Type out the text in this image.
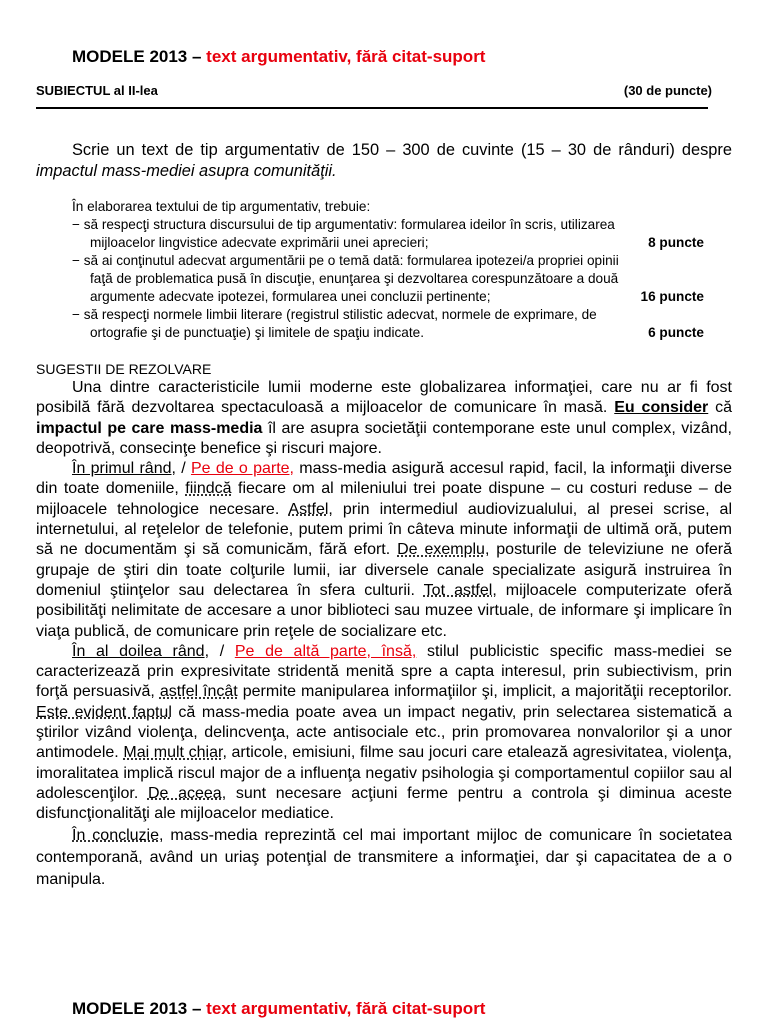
MODELE 2013 – text argumentativ, fără citat-suport
SUBIECTUL al II-lea	(30 de puncte)
Scrie un text de tip argumentativ de 150 – 300 de cuvinte (15 – 30 de rânduri) despre impactul mass-mediei asupra comunităţii.
În elaborarea textului de tip argumentativ, trebuie:
− să respecţi structura discursului de tip argumentativ: formularea ideilor în scris, utilizarea
mijloacelor lingvistice adecvate exprimării unei aprecieri;	8 puncte
− să ai conţinutul adecvat argumentării pe o temă dată: formularea ipotezei/a propriei opinii
faţă de problematica pusă în discuţie, enunţarea şi dezvoltarea corespunzătoare a două
argumente adecvate ipotezei, formularea unei concluzii pertinente;	16 puncte
− să respecţi normele limbii literare (registrul stilistic adecvat, normele de exprimare, de
ortografie şi de punctuaţie) şi limitele de spaţiu indicate.	6 puncte
SUGESTII DE REZOLVARE

Una dintre caracteristicile lumii moderne este globalizarea informaţiei, care nu ar fi fost posibilă fără dezvoltarea spectaculoasă a mijloacelor de comunicare în masă. Eu consider că impactul pe care mass-media îl are asupra societăţii contemporane este unul complex, vizând, deopotrivă, consecinţe benefice şi riscuri majore.

În primul rând, / Pe de o parte, mass-media asigură accesul rapid, facil, la informaţii diverse din toate domeniile, fiindcă fiecare om al mileniului trei poate dispune – cu costuri reduse – de mijloacele tehnologice necesare. Astfel, prin intermediul audiovizualului, al presei scrise, al internetului, al reţelelor de telefonie, putem primi în câteva minute informaţii de ultimă oră, putem să ne documentăm şi să comunicăm, fără efort. De exemplu, posturile de televiziune ne oferă grupaje de ştiri din toate colţurile lumii, iar diversele canale specializate asigură instruirea în domeniul ştiinţelor sau delectarea în sfera culturii. Tot astfel, mijloacele computerizate oferă posibilităţi nelimitate de accesare a unor biblioteci sau muzee virtuale, de informare şi implicare în viaţa publică, de comunicare prin reţele de socializare etc.

În al doilea rând, / Pe de altă parte, însă, stilul publicistic specific mass-mediei se caracterizează prin expresivitate stridentă menită spre a capta interesul, prin subiectivism, prin forţă persuasivă, astfel încât permite manipularea informaţiilor şi, implicit, a majorităţii receptorilor. Este evident faptul că mass-media poate avea un impact negativ, prin selectarea sistematică a ştirilor vizând violenţa, delincvenţa, acte antisociale etc., prin promovarea nonvalorilor şi a unor antimodele. Mai mult chiar, articole, emisiuni, filme sau jocuri care etalează agresivitatea, violenţa, imoralitatea implică riscul major de a influenţa negativ psihologia şi comportamentul copiilor sau al adolescenţilor. De aceea, sunt necesare acţiuni ferme pentru a controla şi diminua aceste disfuncţionalităţi ale mijloacelor mediatice.

În concluzie, mass-media reprezintă cel mai important mijloc de comunicare în societatea contemporană, având un uriaş potenţial de transmitere a informaţiei, dar şi capacitatea de a o manipula.

MODELE 2013 – text argumentativ, fără citat-suport
